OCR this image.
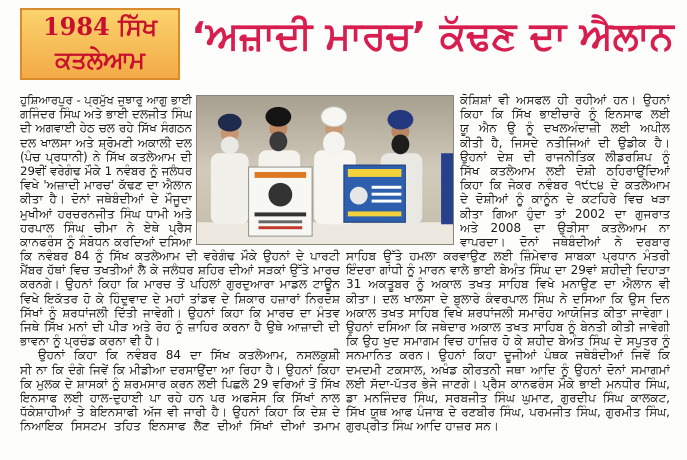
1984 ਸਿੱਖ
ਕਤਲੇਆਮ
‘ਅਜ਼ਾਦੀ ਮਾਰਚ’ ਕੱਢਣ ਦਾ ਐਲਾਨ
ਹੁਸ਼ਿਆਰਪੁਰ - ਪ੍ਰਮੁੱਖ ਜੁਝਾਰੂ ਆਗੂ ਭਾਈ
ਗਜਿੰਦਰ ਸਿੰਘ ਅਤੇ ਭਾਈ ਦਲਜੀਤ ਸਿੰਘ
ਦੀ ਅਗਵਾਈ ਹੇਠ ਚਲ ਰਹੇ ਸਿੱਖ ਸੰਗਠਨ
ਦਲ ਖਾਲਸਾ ਅਤੇ ਸ਼੍ਰੋਮਣੀ ਅਕਾਲੀ ਦਲ
(ਪੰਚ ਪ੍ਰਧਾਨੀ) ਨੇ ਸਿੱਖ ਕਤਲੇਆਮ ਦੀ
29ਵੀਂ ਵਰੇਗੰਢ ਮੌਕੇ 1 ਨਵੰਬਰ ਨੂੰ ਜਲੰਧਰ
ਵਿਖੇ 'ਅਜ਼ਾਦੀ ਮਾਰਚ' ਕੱਢਣ ਦਾ ਐਲਾਨ
ਕੀਤਾ ਹੈ। ਦੋਨਾਂ ਜਥੇਬੰਦੀਆਂ ਦੇ ਮੌਜੂਦਾ
ਮੁਖੀਆਂ ਹਰਚਰਨਜੀਤ ਸਿੰਘ ਧਾਮੀ ਅਤੇ
ਹਰਪਾਲ ਸਿੰਘ ਚੀਮਾ ਨੇ ਏਥੇ ਪ੍ਰੈਸ
ਕਾਨਫਰੰਸ ਨੂੰ ਸੰਬੋਧਨ ਕਰਦਿਆਂ ਦਸਿਆ
ਕਿ ਨਵੰਬਰ 84 ਨੂੰ ਸਿੱਖ ਕਤਲੇਆਮ ਦੀ ਵਰੇਗੰਢ ਮੌਕੇ ਉਹਨਾਂ ਦੇ ਪਾਰਟੀ
ਮੈਂਬਰ ਹੱਥਾਂ ਵਿਚ ਤਖਤੀਆਂ ਲੈ ਕੇ ਜਲੰਧਰ ਸ਼ਹਿਰ ਦੀਆਂ ਸੜਕਾਂ ਉੱਤੇ ਮਾਰਚ
ਕਰਨਗੇ। ਉਹਨਾਂ ਕਿਹਾ ਕਿ ਮਾਰਚ ਤੋਂ ਪਹਿਲਾਂ ਗੁਰਦੁਆਰਾ ਮਾਡਲ ਟਾਊਨ
ਵਿਖੇ ਇਕੱਤਰ ਹੋ ਕੇ ਹਿੰਦੂਵਾਦ ਦੇ ਮਹਾਂ ਤਾਂਡਵ ਦੇ ਸ਼ਿਕਾਰ ਹਜ਼ਾਰਾਂ ਨਿਰਦੋਸ਼
ਸਿੱਖਾਂ ਨੂੰ ਸ਼ਰਧਾਂਜਲੀ ਦਿੱਤੀ ਜਾਵੇਗੀ। ਉਹਨਾਂ ਕਿਹਾ ਕਿ ਮਾਰਚ ਦਾ ਮੰਤਵ
ਜਿਥੇ ਸਿੱਖ ਮਨਾਂ ਦੀ ਪੀੜ ਅਤੇ ਰੋਹ ਨੂੰ ਜ਼ਾਹਿਰ ਕਰਨਾ ਹੈ ਉਥੇ ਆਜ਼ਾਦੀ ਦੀ
ਭਾਵਨਾ ਨੂੰ ਪ੍ਰਚੰਡ ਕਰਨਾ ਵੀ ਹੈ।
ਉਹਨਾਂ ਕਿਹਾ ਕਿ ਨਵੰਬਰ 84 ਦਾ ਸਿੱਖ ਕਤਲੇਆਮ, ਨਸਲਕੁਸ਼ੀ
ਸੀ ਨਾ ਕਿ ਦੰਗੇ ਜਿਵੇਂ ਕਿ ਮੀਡੀਆ ਦਰਸਾਉਂਦਾ ਆ ਰਿਹਾ ਹੈ। ਉਹਨਾਂ ਕਿਹਾ
ਕਿ ਮੁਲਕ ਦੇ ਸ਼ਾਸਕਾਂ ਨੂੰ ਸ਼ਰਮਸਾਰ ਕਰਨ ਲਈ ਪਿਛਲੇ 29 ਵਰਿਆਂ ਤੋਂ ਸਿੱਖ
ਇਨਸਾਫ ਲਈ ਹਾਲ-ਦੁਹਾਈ ਪਾ ਰਹੇ ਹਨ ਪਰ ਅਫਸੋਸ ਕਿ ਸਿੱਖਾਂ ਨਾਲ
ਧੱਕੇਸ਼ਾਹੀਆਂ ਤੇ ਬੇਇਨਸਾਫੀ ਅੱਜ ਵੀ ਜਾਰੀ ਹੈ। ਉਹਨਾਂ ਕਿਹਾ ਕਿ ਦੇਸ਼ ਦੇ
ਨਿਆਇਕ ਸਿਸਟਮ ਤਹਿਤ ਇਨਸਾਫ ਲੈਣ ਦੀਆਂ ਸਿੱਖਾਂ ਦੀਆਂ ਤਮਾਮ
ਕੋਸ਼ਿਸ਼ਾਂ ਵੀ ਅਸਫਲ ਹੀ ਰਹੀਆਂ ਹਨ। ਉਹਨਾਂ
ਕਿਹਾ ਕਿ ਸਿੱਖ ਭਾਈਚਾਰੇ ਨੂੰ ਇਨਸਾਫ ਲਈ
ਯੂ ਐਨ ਉ ਨੂੰ ਦਖਲਅੰਦਾਜ਼ੀ ਲਈ ਅਪੀਲ
ਕੀਤੀ ਹੈ, ਜਿਸਦੇ ਨਤੀਜਿਆਂ ਦੀ ਉਡੀਕ ਹੈ।
ਉਹਨਾਂ ਦੇਸ਼ ਦੀ ਰਾਜਨੀਤਿਕ ਲੀਡਰਸ਼ਿਪ ਨੂੰ
ਸਿੱਖ ਕਤਲੇਆਮ ਲਈ ਦੋਸ਼ੀ ਠਹਿਰਾਉਂਦਿਆਂ
ਕਿਹਾ ਕਿ ਜੇਕਰ ਨਵੰਬਰ ੧੯੮੪ ਦੇ ਕਤਲੇਆਮ
ਦੇ ਦੋਸ਼ੀਆਂ ਨੂੰ ਕਾਨੂੰਨ ਦੇ ਕਟਹਿਰੇ ਵਿਚ ਖੜਾ
ਕੀਤਾ ਗਿਆ ਹੁੰਦਾ ਤਾਂ 2002 ਦਾ ਗੁਜਰਾਤ
ਅਤੇ 2008 ਦਾ ਉੜੀਸਾ ਕਤਲੇਆਮ ਨਾ
ਵਾਪਰਦਾ। ਦੋਨਾਂ ਜਥੇਬੰਦੀਆਂ ਨੇ ਦਰਬਾਰ
ਸਾਹਿਬ ਉੱਤੇ ਹਮਲਾ ਕਰਵਾਉਣ ਲਈ ਜ਼ਿੰਮੇਵਾਰ ਸਾਬਕਾ ਪ੍ਰਧਾਨ ਮੰਤਰੀ
ਇੰਦਰਾ ਗਾਂਧੀ ਨੂੰ ਮਾਰਨ ਵਾਲੇ ਭਾਈ ਬੇਅੰਤ ਸਿੰਘ ਦਾ 29ਵਾਂ ਸ਼ਹੀਦੀ ਦਿਹਾੜਾ
31 ਅਕਤੂਬਰ ਨੂੰ ਅਕਾਲ ਤਖਤ ਸਾਹਿਬ ਵਿਖੇ ਮਨਾਉਣ ਦਾ ਐਲਾਨ ਵੀ
ਕੀਤਾ। ਦਲ ਖਾਲਸਾ ਦੇ ਬੁਲਾਰੇ ਕੰਵਰਪਾਲ ਸਿੰਘ ਨੇ ਦਸਿਆ ਕਿ ਉਸ ਦਿਨ
ਅਕਾਲ ਤਖਤ ਸਾਹਿਬ ਵਿਖੇ ਸ਼ਰਧਾਂਜਲੀ ਸਮਾਰੋਹ ਆਯੋਜਿਤ ਕੀਤਾ ਜਾਵੇਗਾ।
ਉਹਨਾਂ ਦਸਿਆ ਕਿ ਜਥੇਦਾਰ ਅਕਾਲ ਤਖਤ ਸਾਹਿਬ ਨੂੰ ਬੇਨਤੀ ਕੀਤੀ ਜਾਵੇਗੀ
ਕਿ ਉਹ ਖੁਦ ਸਮਾਗਮ ਵਿਚ ਹਾਜ਼ਿਰ ਹੋ ਕੇ ਸ਼ਹੀਦ ਬੇਅੰਤ ਸਿੰਘ ਦੇ ਸਪੁਤਰ ਨੂੰ
ਸਨਮਾਨਿਤ ਕਰਨ। ਉਹਨਾਂ ਕਿਹਾ ਦੂਜੀਆਂ ਪੰਥਕ ਜਥੇਬੰਦੀਆਂ ਜਿਵੇਂ ਕਿ
ਦਮਦਮੀ ਟਕਸਾਲ, ਅਖੰਡ ਕੀਰਤਨੀ ਜਥਾ ਆਦਿ ਨੂੰ ਉਹਨਾਂ ਦੋਨਾਂ ਸਮਾਗਮਾਂ
ਲਈ ਸੱਦਾ-ਪੱਤਰ ਭੇਜੇ ਜਾਣਗੇ। ਪ੍ਰੈਸ ਕਾਨਫਰੰਸ ਮੌਕੇ ਭਾਈ ਮਨਧੀਰ ਸਿੰਘ,
ਡਾ ਮਨਜਿੰਦਰ ਸਿੰਘ, ਸਰਬਜੀਤ ਸਿੰਘ ਘੁਮਾਣ, ਗੁਰਦੀਪ ਸਿੰਘ ਕਾਲਕਟ,
ਸਿੱਖ ਯੂਥ ਆਫ ਪੰਜਾਬ ਦੇ ਰਣਬੀਰ ਸਿੰਘ, ਪਰਮਜੀਤ ਸਿੰਘ, ਗੁਰਮੀਤ ਸਿੰਘ,
ਗੁਰਪ੍ਰੀਤ ਸਿੰਘ ਆਦਿ ਹਾਜ਼ਰ ਸਨ।
